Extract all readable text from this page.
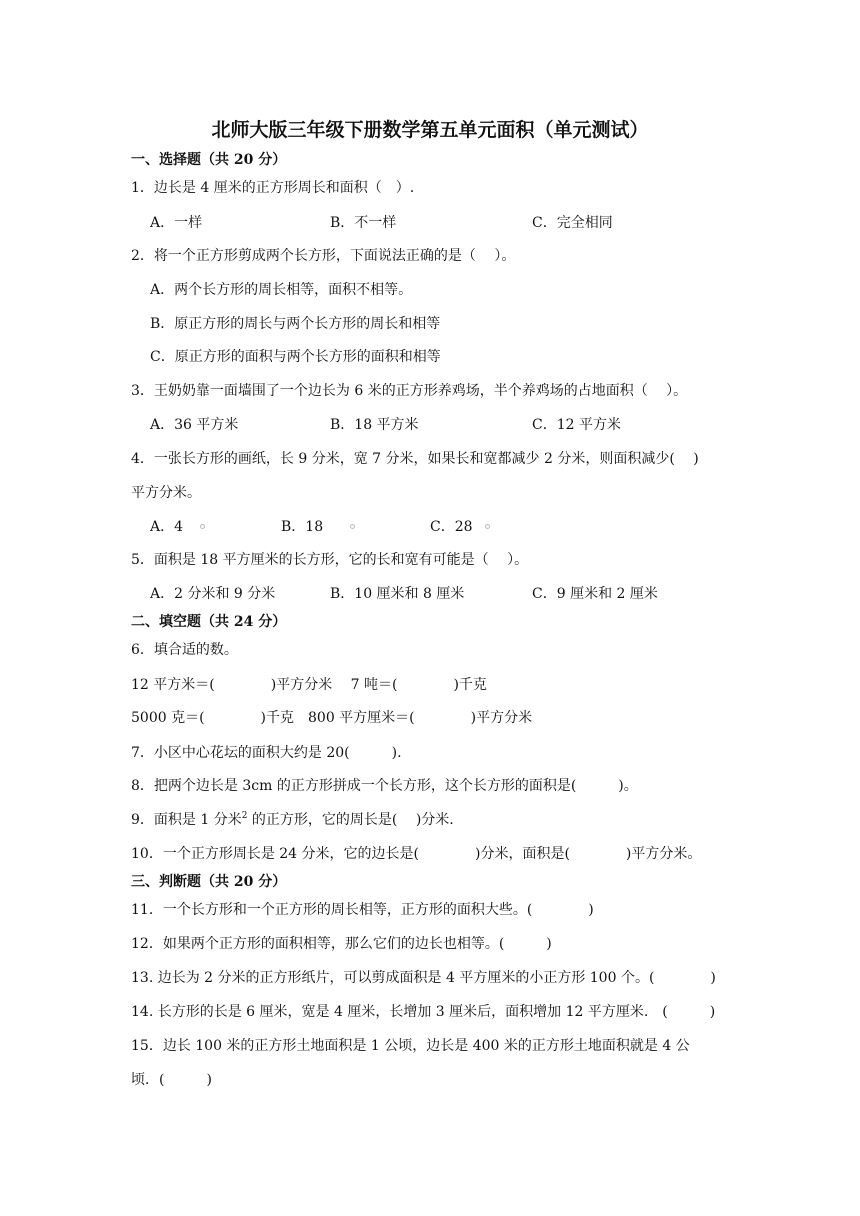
北师大版三年级下册数学第五单元面积（单元测试）
一、选择题（共 20 分）
1．边长是 4 厘米的正方形周长和面积（　）.
A．一样	B．不一样	C．完全相同
2．将一个正方形剪成两个长方形，下面说法正确的是（　 ）。
A．两个长方形的周长相等，面积不相等。
B．原正方形的周长与两个长方形的周长和相等
C．原正方形的面积与两个长方形的面积和相等
3．王奶奶靠一面墙围了一个边长为 6 米的正方形养鸡场，半个养鸡场的占地面积（　 ）。
A．36 平方米	B．18 平方米	C．12 平方米
4．一张长方形的画纸，长 9 分米，宽 7 分米，如果长和宽都减少 2 分米，则面积减少(　 )
平方分米。
A．4	B．18	C．28
5．面积是 18 平方厘米的长方形，它的长和宽有可能是（　 ）。
A．2 分米和 9 分米	B．10 厘米和 8 厘米	C．9 厘米和 2 厘米
二、填空题（共 24 分）
6．填合适的数。
12 平方米＝(　　　　)平方分米　 7 吨＝(　　　　)千克
5000 克＝(　　　　)千克　800 平方厘米＝(　　　　)平方分米
7．小区中心花坛的面积大约是 20(　　　).
8．把两个边长是 3cm 的正方形拼成一个长方形，这个长方形的面积是(　　　)。
9．面积是 1 分米$^2$ 的正方形，它的周长是(　 )分米.
10．一个正方形周长是 24 分米，它的边长是(　　　　)分米，面积是(　　　　)平方分米。
三、判断题（共 20 分）
11．一个长方形和一个正方形的周长相等，正方形的面积大些。(　　　　)
12．如果两个正方形的面积相等，那么它们的边长也相等。(　　　)
13. 边长为 2 分米的正方形纸片，可以剪成面积是 4 平方厘米的小正方形 100 个。(　　　　)
14. 长方形的长是 6 厘米，宽是 4 厘米，长增加 3 厘米后，面积增加 12 平方厘米.　(　　　)
15．边长 100 米的正方形土地面积是 1 公顷，边长是 400 米的正方形土地面积就是 4 公
顷．(　　　)
